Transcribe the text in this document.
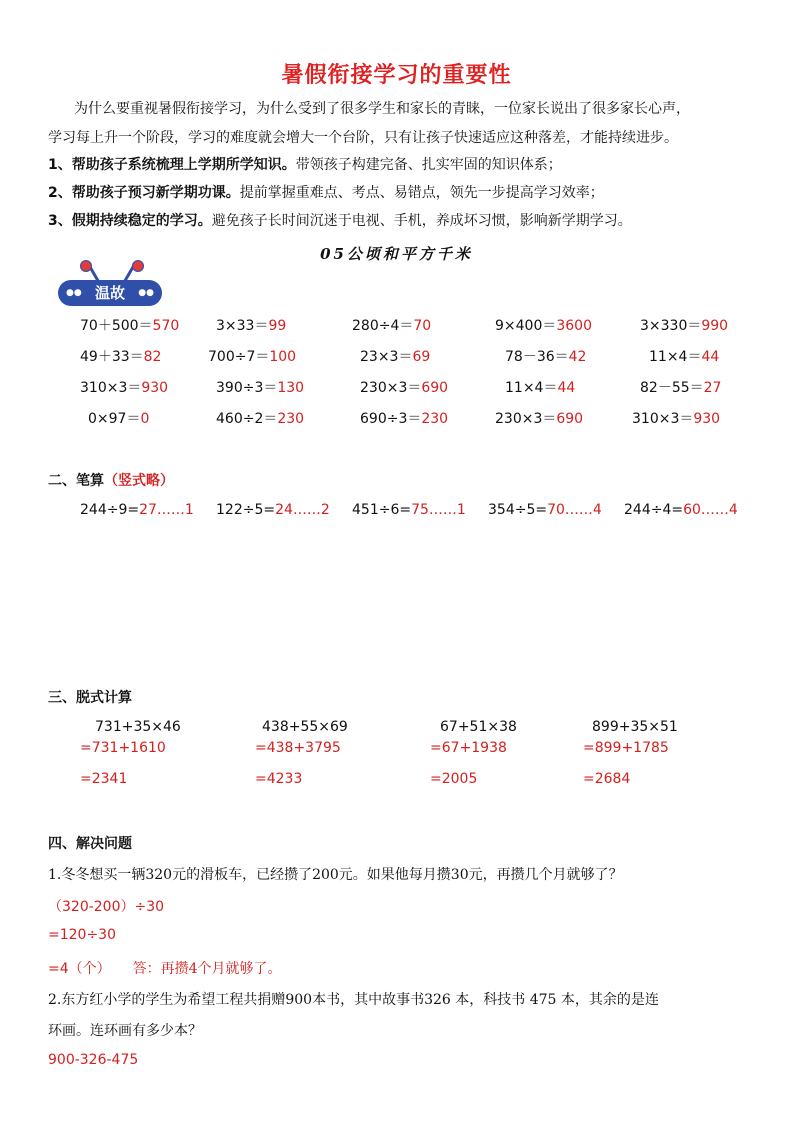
暑假衔接学习的重要性
为什么要重视暑假衔接学习，为什么受到了很多学生和家长的青睐，一位家长说出了很多家长心声，
学习每上升一个阶段，学习的难度就会增大一个台阶，只有让孩子快速适应这种落差，才能持续进步。
1、帮助孩子系统梳理上学期所学知识。带领孩子构建完备、扎实牢固的知识体系；
2、帮助孩子预习新学期功课。提前掌握重难点、考点、易错点，领先一步提高学习效率；
3、假期持续稳定的学习。避免孩子长时间沉迷于电视、手机，养成坏习惯，影响新学期学习。
05公顷和平方千米
●● 温故 ●●
70＋500＝570	3×33＝99	280÷4＝70	9×400＝3600	3×330＝990
49＋33＝82	700÷7＝100	23×3＝69	78－36＝42	11×4＝44
310×3＝930	390÷3＝130	230×3＝690	11×4＝44	82－55＝27
0×97＝0	460÷2＝230	690÷3＝230	230×3＝690	310×3＝930
二、笔算（竖式略）
244÷9=27……1 122÷5=24……2 451÷6=75……1 354÷5=70……4 244÷4=60……4
三、脱式计算
731+35×46
=731+1610
=2341
438+55×69
=438+3795
=4233
67+51×38
=67+1938
=2005
899+35×51
=899+1785
=2684
四、解决问题
1.冬冬想买一辆320元的滑板车，已经攒了200元。如果他每月攒30元，再攒几个月就够了？
（320-200）÷30
=120÷30
=4（个） 答：再攒4个月就够了。
2.东方红小学的学生为希望工程共捐赠900本书，其中故事书326 本，科技书 475 本，其余的是连
环画。连环画有多少本？
900-326-475
